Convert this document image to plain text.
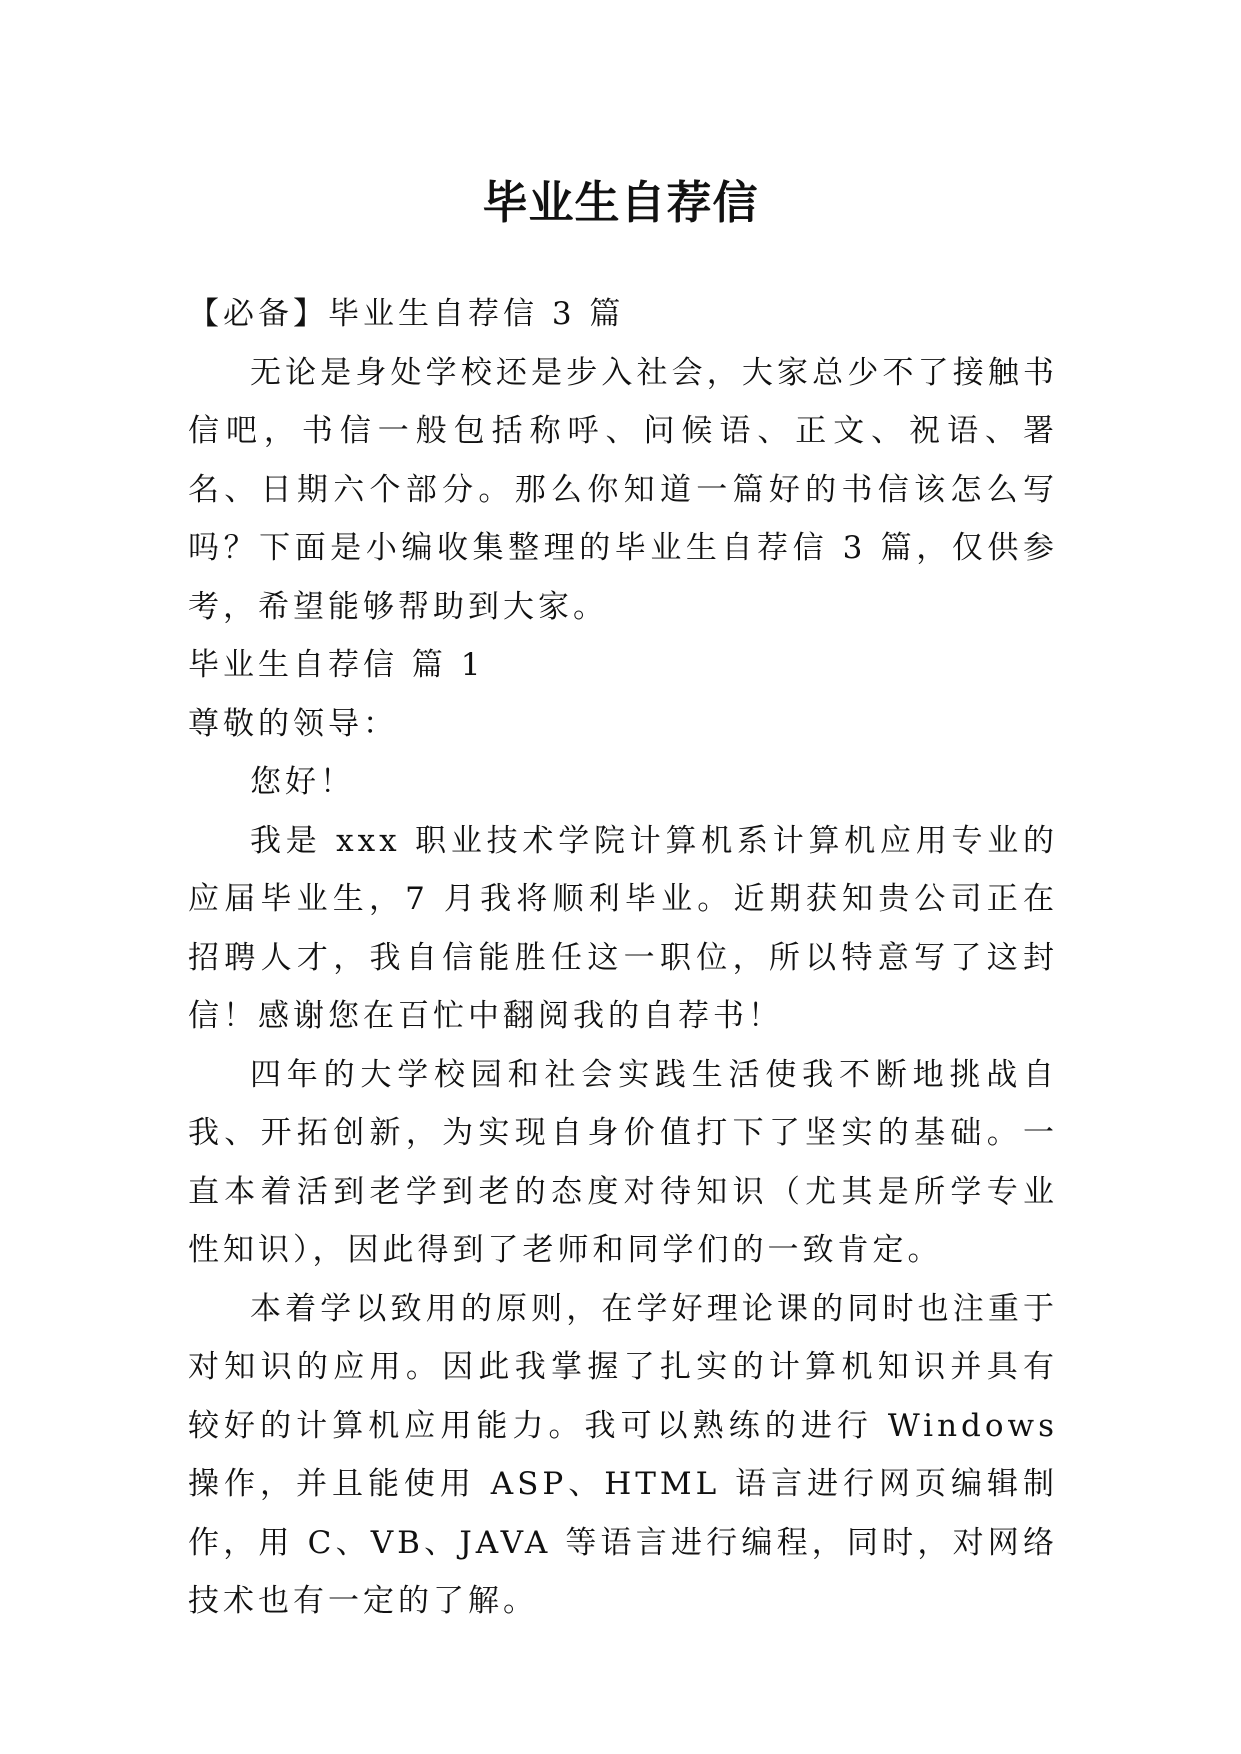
毕业生自荐信

【必备】毕业生自荐信 3 篇

无论是身处学校还是步入社会，大家总少不了接触书信吧，书信一般包括称呼、问候语、正文、祝语、署名、日期六个部分。那么你知道一篇好的书信该怎么写吗？下面是小编收集整理的毕业生自荐信 3 篇，仅供参考，希望能够帮助到大家。

毕业生自荐信 篇 1

尊敬的领导：

您好！

我是 xxx 职业技术学院计算机系计算机应用专业的应届毕业生，7 月我将顺利毕业。近期获知贵公司正在招聘人才，我自信能胜任这一职位，所以特意写了这封信！感谢您在百忙中翻阅我的自荐书！

四年的大学校园和社会实践生活使我不断地挑战自我、开拓创新，为实现自身价值打下了坚实的基础。一直本着活到老学到老的态度对待知识（尤其是所学专业性知识），因此得到了老师和同学们的一致肯定。

本着学以致用的原则，在学好理论课的同时也注重于对知识的应用。因此我掌握了扎实的计算机知识并具有较好的计算机应用能力。我可以熟练的进行 Windows 操作，并且能使用 ASP、HTML 语言进行网页编辑制作，用 C、VB、JAVA 等语言进行编程，同时，对网络技术也有一定的了解。
